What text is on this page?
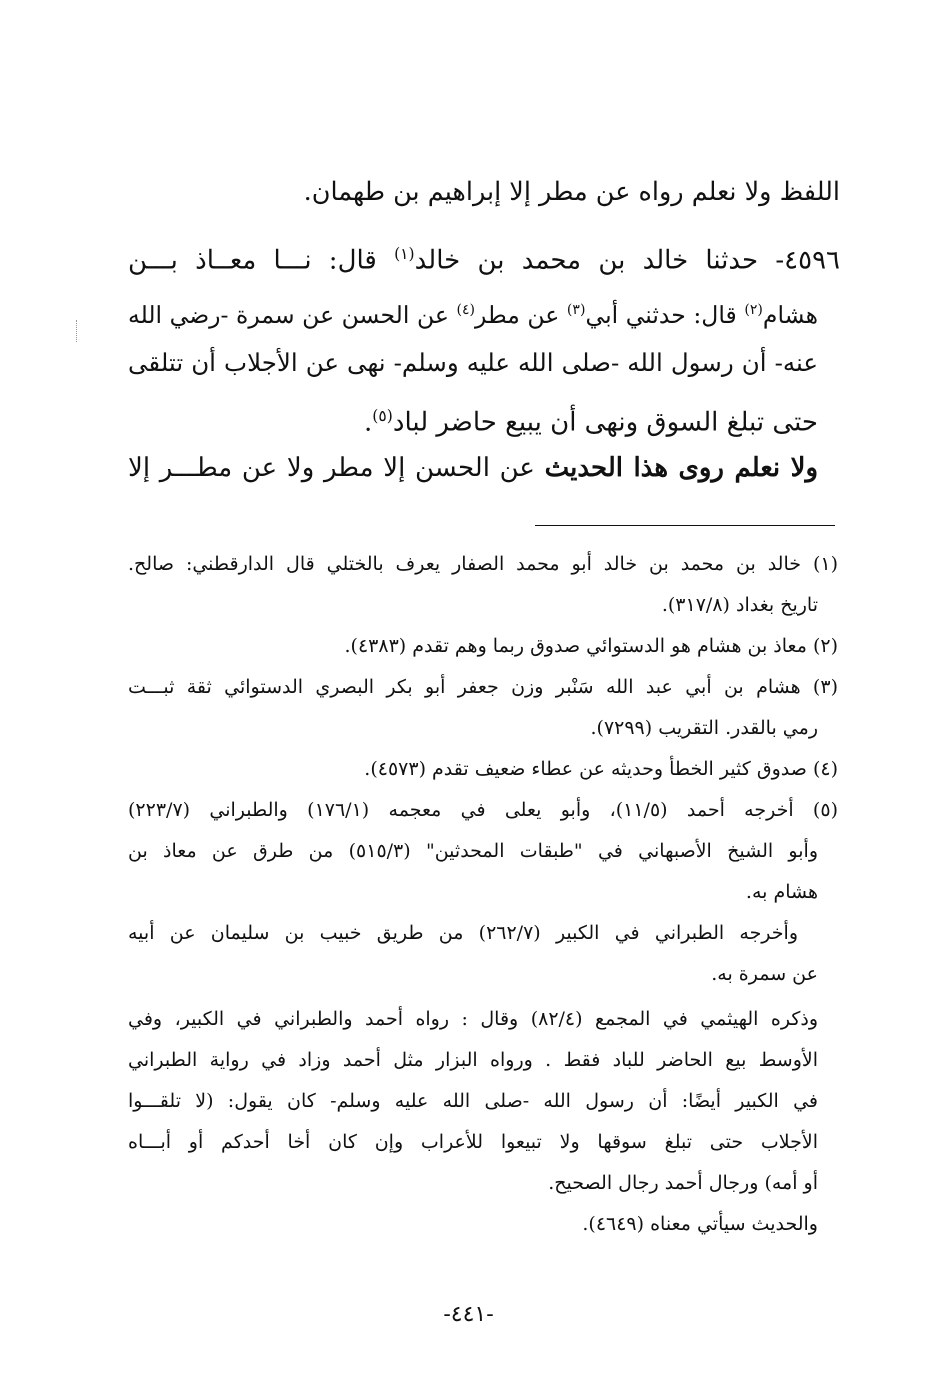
اللفظ ولا نعلم رواه عن مطر إلا إبراهيم بن طهمان.
٤٥٩٦- حدثنا خالد بن محمد بن خالد$^{(١)}$ قال: نـــا معــاذ بـــن
هشام$^{(٢)}$ قال: حدثني أبي$^{(٣)}$ عن مطر$^{(٤)}$ عن الحسن عن سمرة -رضي الله
عنه- أن رسول الله -صلى الله عليه وسلم- نهى عن الأجلاب أن تتلقى
حتى تبلغ السوق ونهى أن يبيع حاضر لباد$^{(٥)}$.
ولا نعلم روى هذا الحديث عن الحسن إلا مطر ولا عن مطـــر إلا
(١) خالد بن محمد بن خالد أبو محمد الصفار يعرف بالختلي قال الدارقطني: صالح.
تاريخ بغداد (٣١٧/٨).
(٢) معاذ بن هشام هو الدستوائي صدوق ربما وهم تقدم (٤٣٨٣).
(٣) هشام بن أبي عبد الله سَنْبر وزن جعفر أبو بكر البصري الدستوائي ثقة ثبـــت
رمي بالقدر. التقريب (٧٢٩٩).
(٤) صدوق كثير الخطأ وحديثه عن عطاء ضعيف تقدم (٤٥٧٣).
(٥) أخرجه أحمد (١١/٥)، وأبو يعلى في معجمه (١٧٦/١) والطبراني (٢٢٣/٧)
وأبو الشيخ الأصبهاني في "طبقات المحدثين" (٥١٥/٣) من طرق عن معاذ بن
هشام به.
وأخرجه الطبراني في الكبير (٢٦٢/٧) من طريق خبيب بن سليمان عن أبيه
عن سمرة به.
وذكره الهيثمي في المجمع (٨٢/٤) وقال : رواه أحمد والطبراني في الكبير، وفي
الأوسط بيع الحاضر للباد فقط . ورواه البزار مثل أحمد وزاد في رواية الطبراني
في الكبير أيضًا: أن رسول الله -صلى الله عليه وسلم- كان يقول: (لا تلقـــوا
الأجلاب حتى تبلغ سوقها ولا تبيعوا للأعراب وإن كان أخا أحدكم أو أبـــاه
أو أمه) ورجال أحمد رجال الصحيح.
والحديث سيأتي معناه (٤٦٤٩).
-٤٤١-
